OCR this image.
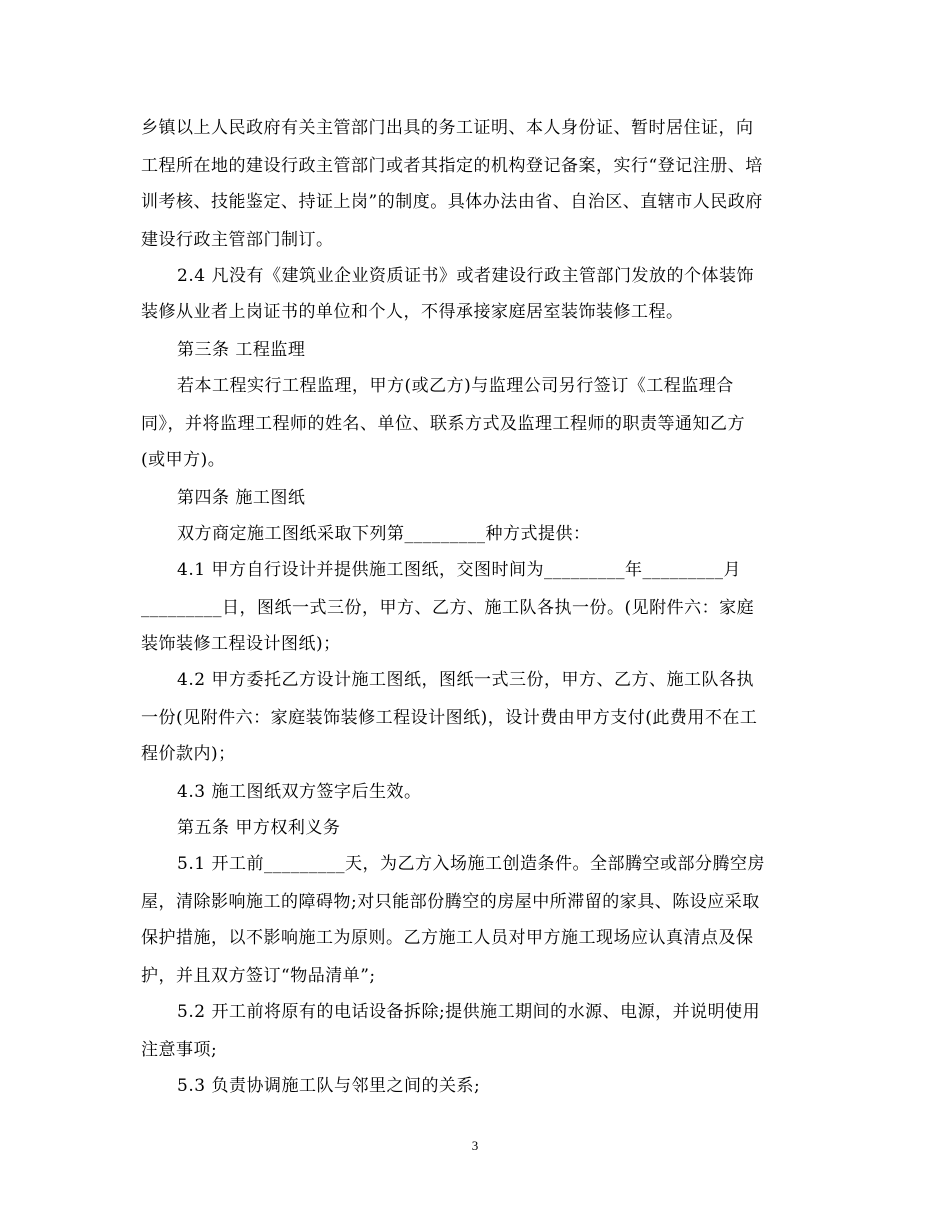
乡镇以上人民政府有关主管部门出具的务工证明、本人身份证、暂时居住证，向
工程所在地的建设行政主管部门或者其指定的机构登记备案，实行“登记注册、培
训考核、技能鉴定、持证上岗”的制度。具体办法由省、自治区、直辖市人民政府
建设行政主管部门制订。
2.4 凡没有《建筑业企业资质证书》或者建设行政主管部门发放的个体装饰
装修从业者上岗证书的单位和个人，不得承接家庭居室装饰装修工程。
第三条 工程监理
若本工程实行工程监理，甲方(或乙方)与监理公司另行签订《工程监理合
同》，并将监理工程师的姓名、单位、联系方式及监理工程师的职责等通知乙方
(或甲方)。
第四条 施工图纸
双方商定施工图纸采取下列第_________种方式提供：
4.1 甲方自行设计并提供施工图纸，交图时间为_________年_________月
_________日，图纸一式三份，甲方、乙方、施工队各执一份。(见附件六：家庭
装饰装修工程设计图纸)；
4.2 甲方委托乙方设计施工图纸，图纸一式三份，甲方、乙方、施工队各执
一份(见附件六：家庭装饰装修工程设计图纸)，设计费由甲方支付(此费用不在工
程价款内)；
4.3 施工图纸双方签字后生效。
第五条 甲方权利义务
5.1 开工前_________天，为乙方入场施工创造条件。全部腾空或部分腾空房
屋，清除影响施工的障碍物;对只能部份腾空的房屋中所滞留的家具、陈设应采取
保护措施，以不影响施工为原则。乙方施工人员对甲方施工现场应认真清点及保
护，并且双方签订“物品清单”;
5.2 开工前将原有的电话设备拆除;提供施工期间的水源、电源，并说明使用
注意事项;
5.3 负责协调施工队与邻里之间的关系;
3
